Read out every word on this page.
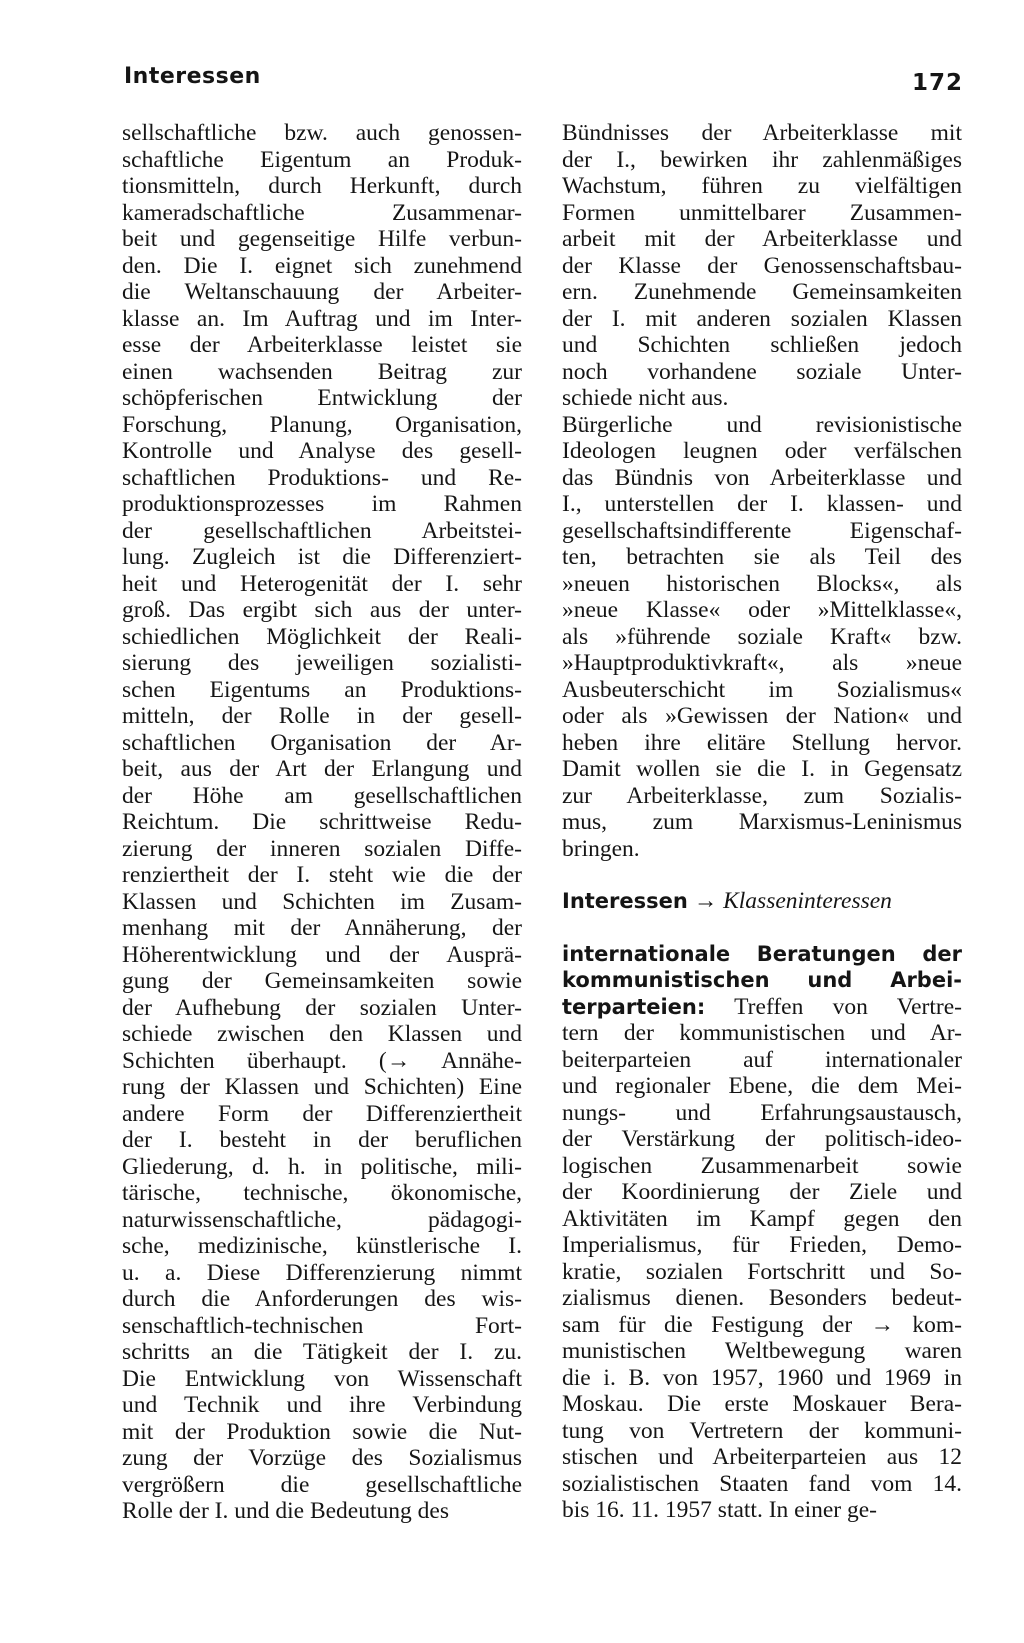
Interessen	172
sellschaftliche bzw. auch genossen-
schaftliche Eigentum an Produk-
tionsmitteln, durch Herkunft, durch
kameradschaftliche Zusammenar-
beit und gegenseitige Hilfe verbun-
den. Die I. eignet sich zunehmend
die Weltanschauung der Arbeiter-
klasse an. Im Auftrag und im Inter-
esse der Arbeiterklasse leistet sie
einen wachsenden Beitrag zur
schöpferischen Entwicklung der
Forschung, Planung, Organisation,
Kontrolle und Analyse des gesell-
schaftlichen Produktions- und Re-
produktionsprozesses im Rahmen
der gesellschaftlichen Arbeitstei-
lung. Zugleich ist die Differenziert-
heit und Heterogenität der I. sehr
groß. Das ergibt sich aus der unter-
schiedlichen Möglichkeit der Reali-
sierung des jeweiligen sozialisti-
schen Eigentums an Produktions-
mitteln, der Rolle in der gesell-
schaftlichen Organisation der Ar-
beit, aus der Art der Erlangung und
der Höhe am gesellschaftlichen
Reichtum. Die schrittweise Redu-
zierung der inneren sozialen Diffe-
renziertheit der I. steht wie die der
Klassen und Schichten im Zusam-
menhang mit der Annäherung, der
Höherentwicklung und der Ausprä-
gung der Gemeinsamkeiten sowie
der Aufhebung der sozialen Unter-
schiede zwischen den Klassen und
Schichten überhaupt. (→ Annähe-
rung der Klassen und Schichten) Eine
andere Form der Differenziertheit
der I. besteht in der beruflichen
Gliederung, d. h. in politische, mili-
tärische, technische, ökonomische,
naturwissenschaftliche, pädagogi-
sche, medizinische, künstlerische I.
u. a. Diese Differenzierung nimmt
durch die Anforderungen des wis-
senschaftlich-technischen Fort-
schritts an die Tätigkeit der I. zu.
Die Entwicklung von Wissenschaft
und Technik und ihre Verbindung
mit der Produktion sowie die Nut-
zung der Vorzüge des Sozialismus
vergrößern die gesellschaftliche
Rolle der I. und die Bedeutung des
Bündnisses der Arbeiterklasse mit
der I., bewirken ihr zahlenmäßiges
Wachstum, führen zu vielfältigen
Formen unmittelbarer Zusammen-
arbeit mit der Arbeiterklasse und
der Klasse der Genossenschaftsbau-
ern. Zunehmende Gemeinsamkeiten
der I. mit anderen sozialen Klassen
und Schichten schließen jedoch
noch vorhandene soziale Unter-
schiede nicht aus.
Bürgerliche und revisionistische
Ideologen leugnen oder verfälschen
das Bündnis von Arbeiterklasse und
I., unterstellen der I. klassen- und
gesellschaftsindifferente Eigenschaf-
ten, betrachten sie als Teil des
»neuen historischen Blocks«, als
»neue Klasse« oder »Mittelklasse«,
als »führende soziale Kraft« bzw.
»Hauptproduktivkraft«, als »neue
Ausbeuterschicht im Sozialismus«
oder als »Gewissen der Nation« und
heben ihre elitäre Stellung hervor.
Damit wollen sie die I. in Gegensatz
zur Arbeiterklasse, zum Sozialis-
mus, zum Marxismus-Leninismus
bringen.
Interessen → Klasseninteressen
internationale Beratungen der
kommunistischen und Arbei-
terparteien: Treffen von Vertre-
tern der kommunistischen und Ar-
beiterparteien auf internationaler
und regionaler Ebene, die dem Mei-
nungs- und Erfahrungsaustausch,
der Verstärkung der politisch-ideo-
logischen Zusammenarbeit sowie
der Koordinierung der Ziele und
Aktivitäten im Kampf gegen den
Imperialismus, für Frieden, Demo-
kratie, sozialen Fortschritt und So-
zialismus dienen. Besonders bedeut-
sam für die Festigung der → kom-
munistischen Weltbewegung waren
die i. B. von 1957, 1960 und 1969 in
Moskau. Die erste Moskauer Bera-
tung von Vertretern der kommuni-
stischen und Arbeiterparteien aus 12
sozialistischen Staaten fand vom 14.
bis 16. 11. 1957 statt. In einer ge-
